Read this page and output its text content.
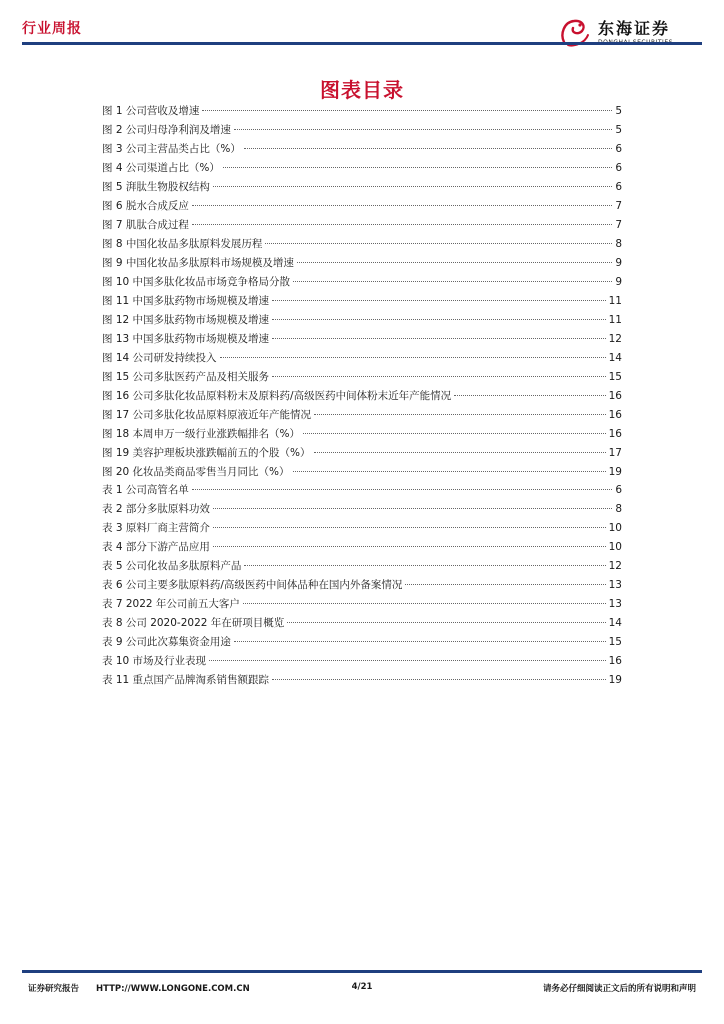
行业周报	东海证券
图表目录
图 1 公司营收及增速	5
图 2 公司归母净利润及增速	5
图 3 公司主营品类占比（%）	6
图 4 公司渠道占比（%）	6
图 5 湃肽生物股权结构	6
图 6 脱水合成反应	7
图 7 肌肽合成过程	7
图 8 中国化妆品多肽原料发展历程	8
图 9 中国化妆品多肽原料市场规模及增速	9
图 10 中国多肽化妆品市场竞争格局分散	9
图 11 中国多肽药物市场规模及增速	11
图 12 中国多肽药物市场规模及增速	11
图 13 中国多肽药物市场规模及增速	12
图 14 公司研发持续投入	14
图 15 公司多肽医药产品及相关服务	15
图 16 公司多肽化妆品原料粉末及原料药/高级医药中间体粉末近年产能情况	16
图 17 公司多肽化妆品原料原液近年产能情况	16
图 18 本周申万一级行业涨跌幅排名（%）	16
图 19 美容护理板块涨跌幅前五的个股（%）	17
图 20 化妆品类商品零售当月同比（%）	19
表 1 公司高管名单	6
表 2 部分多肽原料功效	8
表 3 原料厂商主营简介	10
表 4 部分下游产品应用	10
表 5 公司化妆品多肽原料产品	12
表 6 公司主要多肽原料药/高级医药中间体品种在国内外备案情况	13
表 7 2022 年公司前五大客户	13
表 8 公司 2020-2022 年在研项目概览	14
表 9 公司此次募集资金用途	15
表 10 市场及行业表现	16
表 11 重点国产品牌淘系销售额跟踪	19
证券研究报告 HTTP://WWW.LONGONE.COM.CN	4/21	请务必仔细阅读正文后的所有说明和声明
